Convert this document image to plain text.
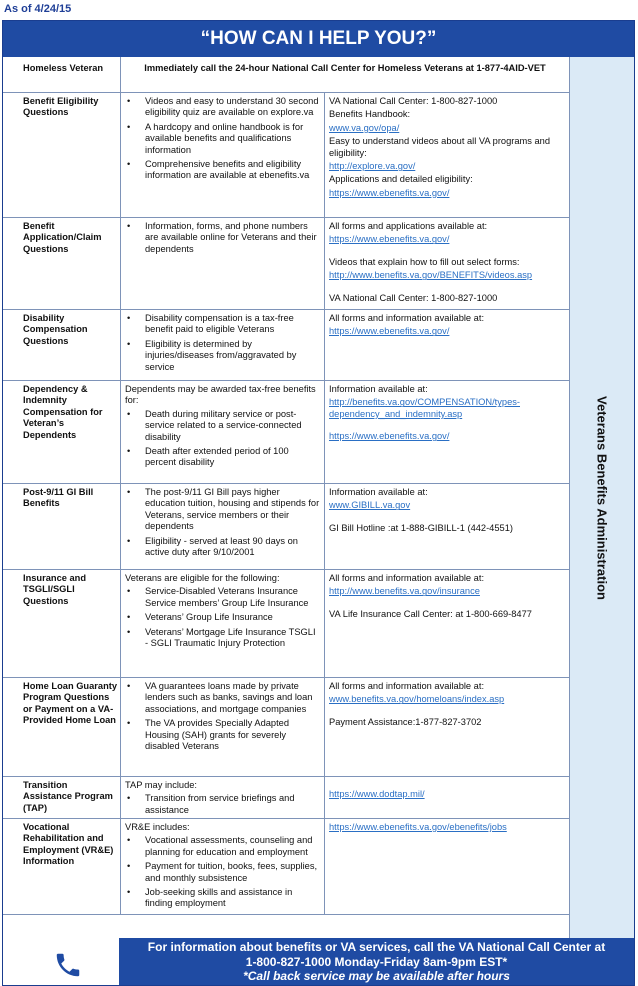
As of 4/24/15
“HOW CAN I HELP YOU?”
Homeless Veteran	Immediately call the 24-hour National Call Center for Homeless Veterans at 1-877-4AID-VET
Benefit Eligibility Questions
• Videos and easy to understand 30 second eligibility quiz are available on explore.va
• A hardcopy and online handbook is for available benefits and qualifications information
• Comprehensive benefits and eligibility information are available at ebenefits.va
VA National Call Center: 1-800-827-1000
Benefits Handbook:
www.va.gov/opa/
Easy to understand videos about all VA programs and eligibility:
http://explore.va.gov/
Applications and detailed eligibility:
https://www.ebenefits.va.gov/
Benefit Application/Claim Questions
• Information, forms, and phone numbers are available online for Veterans and their dependents
All forms and applications available at:
https://www.ebenefits.va.gov/
Videos that explain how to fill out select forms:
http://www.benefits.va.gov/BENEFITS/videos.asp
VA National Call Center: 1-800-827-1000
Disability Compensation Questions
• Disability compensation is a tax-free benefit paid to eligible Veterans
• Eligibility is determined by injuries/diseases from/aggravated by service
All forms and information available at:
https://www.ebenefits.va.gov/
Dependency & Indemnity Compensation for Veteran’s Dependents
Dependents may be awarded tax-free benefits for:
• Death during military service or post-service related to a service-connected disability
• Death after extended period of 100 percent disability
Information available at:
http://benefits.va.gov/COMPENSATION/types-dependency_and_indemnity.asp
https://www.ebenefits.va.gov/
Post-9/11 GI Bill Benefits
• The post-9/11 GI Bill pays higher education tuition, housing and stipends for Veterans, service members or their dependents
• Eligibility - served at least 90 days on active duty after 9/10/2001
Information available at:
www.GIBILL.va.gov
GI Bill Hotline :at 1-888-GIBILL-1 (442-4551)
Insurance and TSGLI/SGLI Questions
Veterans are eligible for the following:
• Service-Disabled Veterans Insurance Service members’ Group Life Insurance
• Veterans’ Group Life Insurance
• Veterans’ Mortgage Life Insurance TSGLI - SGLI Traumatic Injury Protection
All forms and information available at:
http://www.benefits.va.gov/insurance
VA Life Insurance Call Center: at 1-800-669-8477
Home Loan Guaranty Program Questions or Payment on a VA-Provided Home Loan
• VA guarantees loans made by private lenders such as banks, savings and loan associations, and mortgage companies
• The VA provides Specially Adapted Housing (SAH) grants for severely disabled Veterans
All forms and information available at:
www.benefits.va.gov/homeloans/index.asp
Payment Assistance:1-877-827-3702
Transition Assistance Program (TAP)
TAP may include:
• Transition from service briefings and assistance
https://www.dodtap.mil/
Vocational Rehabilitation and Employment (VR&E) Information
VR&E includes:
• Vocational assessments, counseling and planning for education and employment
• Payment for tuition, books, fees, supplies, and monthly subsistence
• Job-seeking skills and assistance in finding employment
https://www.ebenefits.va.gov/ebenefits/jobs
Veterans Benefits Administration
For information about benefits or VA services, call the VA National Call Center at
1-800-827-1000 Monday-Friday 8am-9pm EST*
*Call back service may be available after hours
